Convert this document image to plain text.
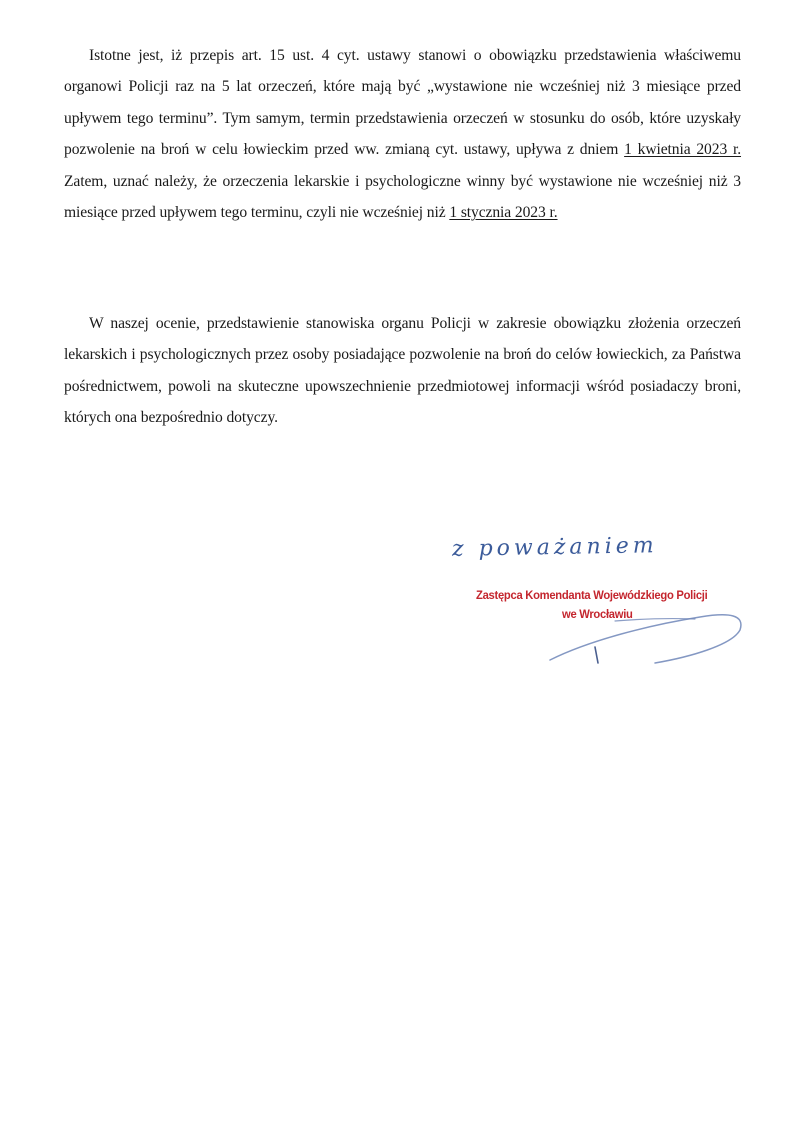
Istotne jest, iż przepis art. 15 ust. 4 cyt. ustawy stanowi o obowiązku przedstawienia właściwemu organowi Policji raz na 5 lat orzeczeń, które mają być „wystawione nie wcześniej niż 3 miesiące przed upływem tego terminu”. Tym samym, termin przedstawienia orzeczeń w stosunku do osób, które uzyskały pozwolenie na broń w celu łowieckim przed ww. zmianą cyt. ustawy, upływa z dniem 1 kwietnia 2023 r. Zatem, uznać należy, że orzeczenia lekarskie i psychologiczne winny być wystawione nie wcześniej niż 3 miesiące przed upływem tego terminu, czyli nie wcześniej niż 1 stycznia 2023 r.
W naszej ocenie, przedstawienie stanowiska organu Policji w zakresie obowiązku złożenia orzeczeń lekarskich i psychologicznych przez osoby posiadające pozwolenie na broń do celów łowieckich, za Państwa pośrednictwem, powoli na skuteczne upowszechnienie przedmiotowej informacji wśród posiadaczy broni, których ona bezpośrednio dotyczy.
z poważaniem
Zastępca Komendanta Wojewódzkiego Policji
we Wrocławiu
